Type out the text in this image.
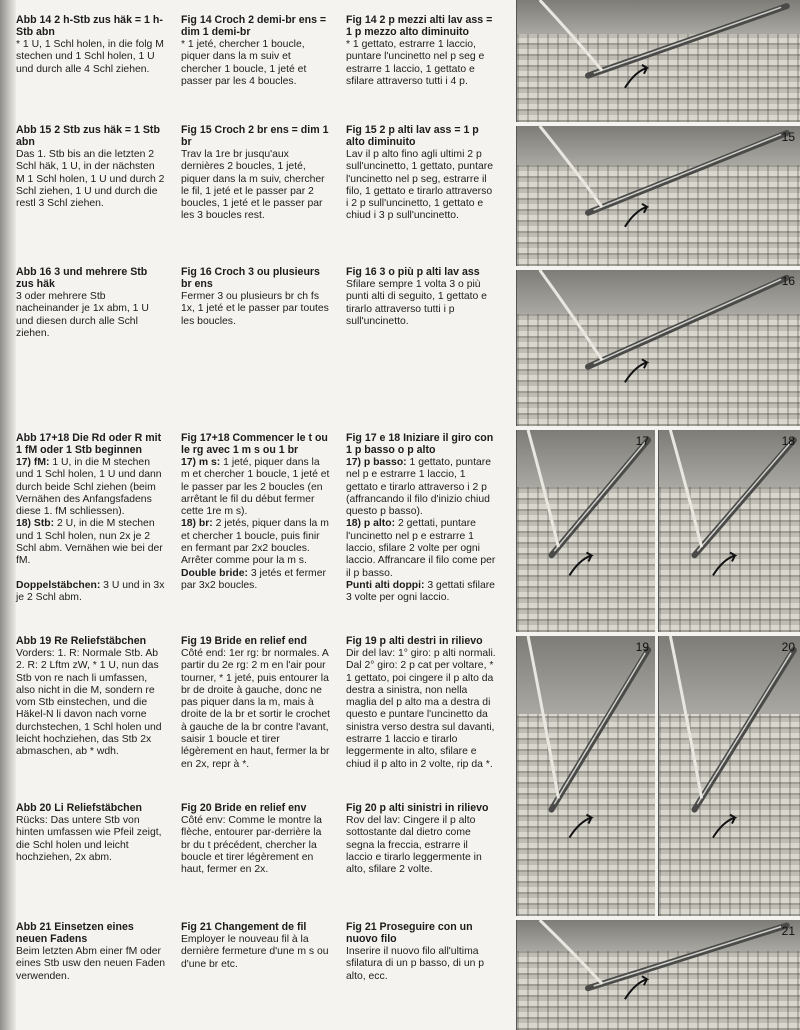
Abb 14 2 h-Stb zus häk = 1 h-Stb abn

* 1 U, 1 Schl holen, in die folg M stechen und 1 Schl holen, 1 U und durch alle 4 Schl ziehen.

Fig 14 Croch 2 demi-br ens = dim 1 demi-br

* 1 jeté, chercher 1 boucle, piquer dans la m suiv et chercher 1 boucle, 1 jeté et passer par les 4 boucles.

Fig 14 2 p mezzi alti lav ass = 1 p mezzo alto diminuito

* 1 gettato, estrarre 1 laccio, puntare l'uncinetto nel p seg e estrarre 1 laccio, 1 gettato e sfilare attraverso tutti i 4 p.

Abb 15 2 Stb zus häk = 1 Stb abn

Das 1. Stb bis an die letzten 2 Schl häk, 1 U, in der nächsten M 1 Schl holen, 1 U und durch 2 Schl ziehen, 1 U und durch die restl 3 Schl ziehen.

Fig 15 Croch 2 br ens = dim 1 br

Trav la 1re br jusqu'aux dernières 2 boucles, 1 jeté, piquer dans la m suiv, chercher le fil, 1 jeté et le passer par 2 boucles, 1 jeté et le passer par les 3 boucles rest.

Fig 15 2 p alti lav ass = 1 p alto diminuito

Lav il p alto fino agli ultimi 2 p sull'uncinetto, 1 gettato, puntare l'uncinetto nel p seg, estrarre il filo, 1 gettato e tirarlo attraverso i 2 p sull'uncinetto, 1 gettato e chiud i 3 p sull'uncinetto.

Abb 16 3 und mehrere Stb zus häk

3 oder mehrere Stb nacheinander je 1x abm, 1 U und diesen durch alle Schl ziehen.

Fig 16 Croch 3 ou plusieurs br ens

Fermer 3 ou plusieurs br ch fs 1x, 1 jeté et le passer par toutes les boucles.

Fig 16 3 o più p alti lav ass

Sfilare sempre 1 volta 3 o più punti alti di seguito, 1 gettato e tirarlo attraverso tutti i p sull'uncinetto.

Abb 17+18 Die Rd oder R mit 1 fM oder 1 Stb beginnen

17) fM: 1 U, in die M stechen und 1 Schl holen, 1 U und dann durch beide Schl ziehen (beim Vernähen des Anfangsfadens diese 1. fM schliessen).

18) Stb: 2 U, in die M stechen und 1 Schl holen, nun 2x je 2 Schl abm. Vernähen wie bei der fM.

Doppelstäbchen: 3 U und in 3x je 2 Schl abm.

Fig 17+18 Commencer le t ou le rg avec 1 m s ou 1 br

17) m s: 1 jeté, piquer dans la m et chercher 1 boucle, 1 jeté et le passer par les 2 boucles (en arrêtant le fil du début fermer cette 1re m s).

18) br: 2 jetés, piquer dans la m et chercher 1 boucle, puis finir en fermant par 2x2 boucles. Arrêter comme pour la m s.

Double bride: 3 jetés et fermer par 3x2 boucles.

Fig 17 e 18 Iniziare il giro con 1 p basso o p alto

17) p basso: 1 gettato, puntare nel p e estrarre 1 laccio, 1 gettato e tirarlo attraverso i 2 p (affrancando il filo d'inizio chiud questo p basso).

18) p alto: 2 gettati, puntare l'uncinetto nel p e estrarre 1 laccio, sfilare 2 volte per ogni laccio. Affrancare il filo come per il p basso.

Punti alti doppi: 3 gettati sfilare 3 volte per ogni laccio.

Abb 19 Re Reliefstäbchen

Vorders: 1. R: Normale Stb. Ab 2. R: 2 Lftm zW, * 1 U, nun das Stb von re nach li umfassen, also nicht in die M, sondern re vom Stb einstechen, und die Häkel-N li davon nach vorne durchstechen, 1 Schl holen und leicht hochziehen, das Stb 2x abmaschen, ab * wdh.

Fig 19 Bride en relief end

Côté end: 1er rg: br normales. A partir du 2e rg: 2 m en l'air pour tourner, * 1 jeté, puis entourer la br de droite à gauche, donc ne pas piquer dans la m, mais à droite de la br et sortir le crochet à gauche de la br contre l'avant, saisir 1 boucle et tirer légèrement en haut, fermer la br en 2x, repr à *.

Fig 19 p alti destri in rilievo

Dir del lav: 1° giro: p alti normali. Dal 2° giro: 2 p cat per voltare, * 1 gettato, poi cingere il p alto da destra a sinistra, non nella maglia del p alto ma a destra di questo e puntare l'uncinetto da sinistra verso destra sul davanti, estrarre 1 laccio e tirarlo leggermente in alto, sfilare e chiud il p alto in 2 volte, rip da *.

Abb 20 Li Reliefstäbchen

Rücks: Das untere Stb von hinten umfassen wie Pfeil zeigt, die Schl holen und leicht hochziehen, 2x abm.

Fig 20 Bride en relief env

Côté env: Comme le montre la flèche, entourer par-derrière la br du t précédent, chercher la boucle et tirer légèrement en haut, fermer en 2x.

Fig 20 p alti sinistri in rilievo

Rov del lav: Cingere il p alto sottostante dal dietro come segna la freccia, estrarre il laccio e tirarlo leggermente in alto, sfilare 2 volte.

Abb 21 Einsetzen eines neuen Fadens

Beim letzten Abm einer fM oder eines Stb usw den neuen Faden verwenden.

Fig 21 Changement de fil

Employer le nouveau fil à la dernière fermeture d'une m s ou d'une br etc.

Fig 21 Proseguire con un nuovo filo

Inserire il nuovo filo all'ultima sfilatura di un p basso, di un p alto, ecc.

15
16
17	18
19	20
21
